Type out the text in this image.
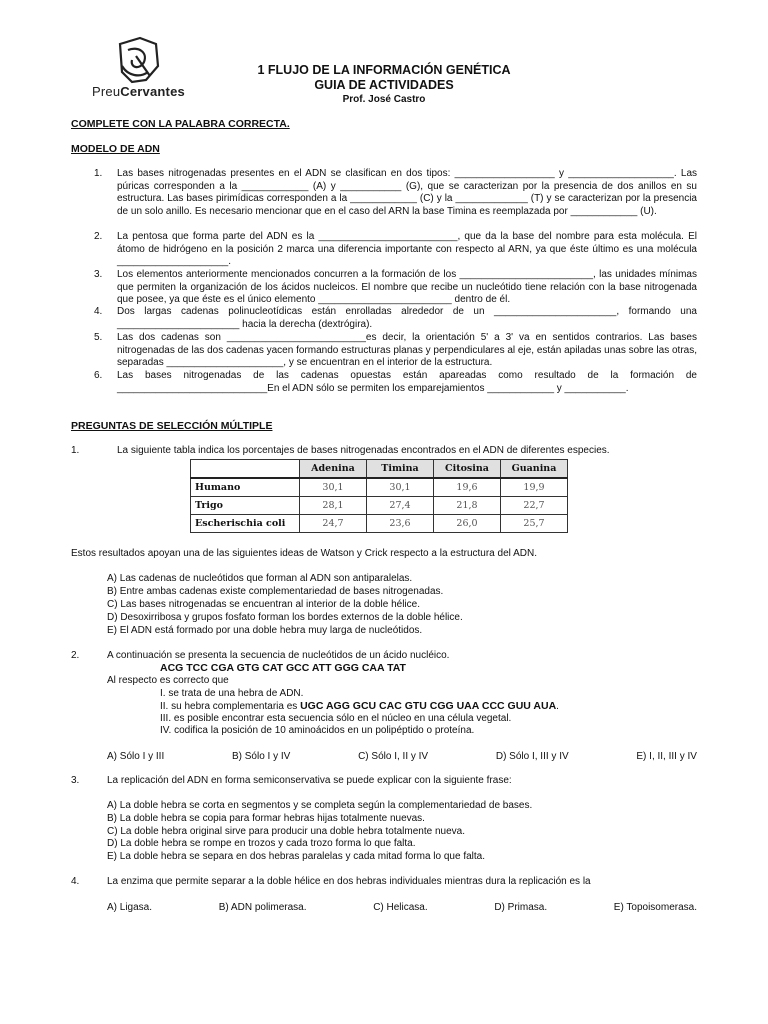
PreuCervantes
1 FLUJO DE LA INFORMACIÓN GENÉTICA
GUIA DE ACTIVIDADES
Prof. José Castro
COMPLETE CON LA PALABRA CORRECTA.
MODELO DE ADN
1. Las bases nitrogenadas presentes en el ADN se clasifican en dos tipos: __________________ y ___________________. Las púricas corresponden a la ____________ (A) y ___________ (G), que se caracterizan por la presencia de dos anillos en su estructura. Las bases pirimídicas corresponden a la ____________ (C) y la _____________ (T) y se caracterizan por la presencia de un solo anillo. Es necesario mencionar que en el caso del ARN la base Timina es reemplazada por ____________ (U).
2. La pentosa que forma parte del ADN es la _________________________, que da la base del nombre para esta molécula. El átomo de hidrógeno en la posición 2 marca una diferencia importante con respecto al ARN, ya que éste último es una molécula ____________________.
3. Los elementos anteriormente mencionados concurren a la formación de los ________________________, las unidades mínimas que permiten la organización de los ácidos nucleicos. El nombre que recibe un nucleótido tiene relación con la base nitrogenada que posee, ya que éste es el único elemento ________________________ dentro de él.
4. Dos largas cadenas polinucleotídicas están enrolladas alrededor de un ______________________, formando una ______________________ hacia la derecha (dextrógira).
5. Las dos cadenas son _________________________es decir, la orientación 5' a 3' va en sentidos contrarios. Las bases nitrogenadas de las dos cadenas yacen formando estructuras planas y perpendiculares al eje, están apiladas unas sobre las otras, separadas _____________________, y se encuentran en el interior de la estructura.
6. Las bases nitrogenadas de las cadenas opuestas están apareadas como resultado de la formación de ___________________________En el ADN sólo se permiten los emparejamientos ____________ y ___________.
PREGUNTAS DE SELECCIÓN MÚLTIPLE
1.	La siguiente tabla indica los porcentajes de bases nitrogenadas encontrados en el ADN de diferentes especies.
	Adenina	Timina	Citosina	Guanina
Humano	30,1	30,1	19,6	19,9
Trigo	28,1	27,4	21,8	22,7
Escherischia coli	24,7	23,6	26,0	25,7
Estos resultados apoyan una de las siguientes ideas de Watson y Crick respecto a la estructura del ADN.
A) Las cadenas de nucleótidos que forman al ADN son antiparalelas.
B) Entre ambas cadenas existe complementariedad de bases nitrogenadas.
C) Las bases nitrogenadas se encuentran al interior de la doble hélice.
D) Desoxirribosa y grupos fosfato forman los bordes externos de la doble hélice.
E) El ADN está formado por una doble hebra muy larga de nucleótidos.
2.	A continuación se presenta la secuencia de nucleótidos de un ácido nucléico.
ACG TCC CGA GTG CAT GCC ATT GGG CAA TAT
Al respecto es correcto que
I. se trata de una hebra de ADN.
II. su hebra complementaria es UGC AGG GCU CAC GTU CGG UAA CCC GUU AUA.
III. es posible encontrar esta secuencia sólo en el núcleo en una célula vegetal.
IV. codifica la posición de 10 aminoácidos en un polipéptido o proteína.
A) Sólo I y III	B) Sólo I y IV	C) Sólo I, II y IV	D) Sólo I, III y IV	E) I, II, III y IV
3.	La replicación del ADN en forma semiconservativa se puede explicar con la siguiente frase:
A) La doble hebra se corta en segmentos y se completa según la complementariedad de bases.
B) La doble hebra se copia para formar hebras hijas totalmente nuevas.
C) La doble hebra original sirve para producir una doble hebra totalmente nueva.
D) La doble hebra se rompe en trozos y cada trozo forma lo que falta.
E) La doble hebra se separa en dos hebras paralelas y cada mitad forma lo que falta.
4.	La enzima que permite separar a la doble hélice en dos hebras individuales mientras dura la replicación es la
A) Ligasa.	B) ADN polimerasa.	C) Helicasa.	D) Primasa.	E) Topoisomerasa.
